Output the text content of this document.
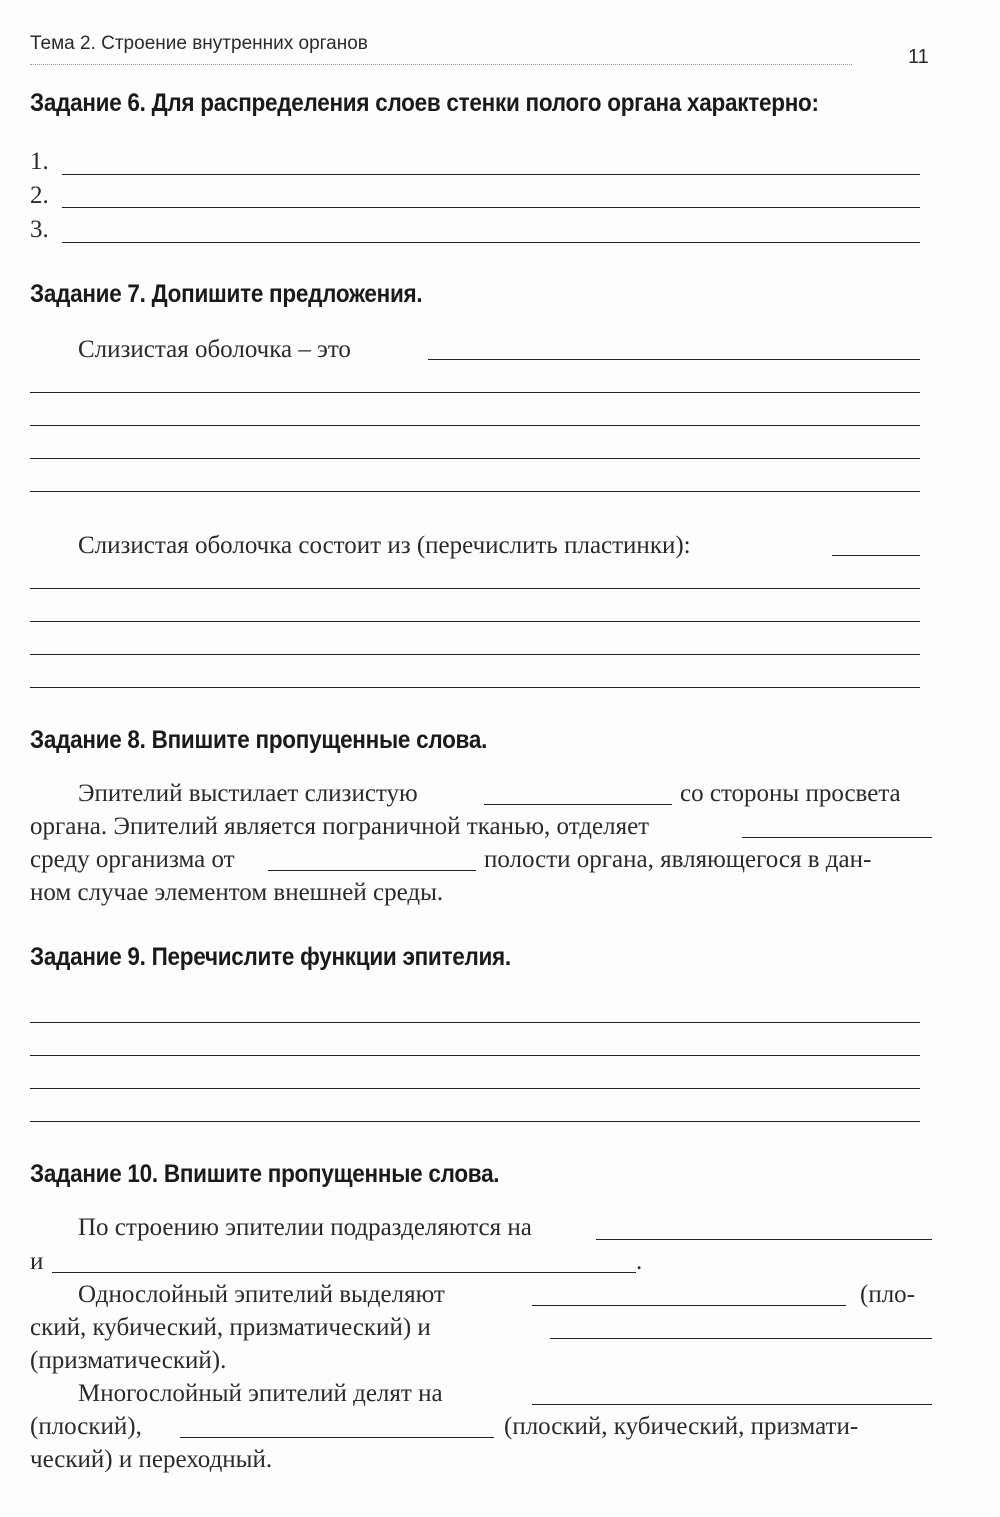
Тема 2. Строение внутренних органов
11
Задание 6. Для распределения слоев стенки полого органа характерно:
1.
2.
3.
Задание 7. Допишите предложения.
Слизистая оболочка – это
Слизистая оболочка состоит из (перечислить пластинки):
Задание 8. Впишите пропущенные слова.
Эпителий выстилает слизистую	со стороны просвета
органа. Эпителий является пограничной тканью, отделяет
среду организма от	полости органа, являющегося в дан-
ном случае элементом внешней среды.
Задание 9. Перечислите функции эпителия.
Задание 10. Впишите пропущенные слова.
По строению эпителии подразделяются на
и	.
Однослойный эпителий выделяют	(пло-
ский, кубический, призматический) и
(призматический).
Многослойный эпителий делят на
(плоский),	(плоский, кубический, призмати-
ческий) и переходный.
